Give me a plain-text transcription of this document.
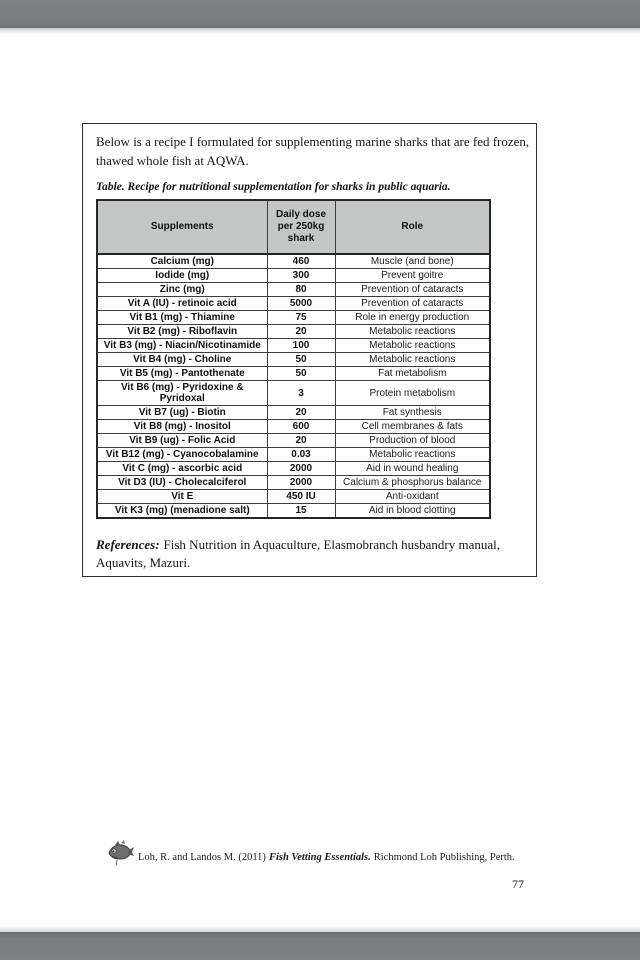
Below is a recipe I formulated for supplementing marine sharks that are fed frozen, thawed whole fish at AQWA.

Table. Recipe for nutritional supplementation for sharks in public aquaria.

Supplements	Daily dose per 250kg shark	Role
Calcium (mg)	460	Muscle (and bone)
Iodide (mg)	300	Prevent goitre
Zinc (mg)	80	Prevention of cataracts
Vit A (IU) - retinoic acid	5000	Prevention of cataracts
Vit B1 (mg) - Thiamine	75	Role in energy production
Vit B2 (mg) - Riboflavin	20	Metabolic reactions
Vit B3 (mg) - Niacin/Nicotinamide	100	Metabolic reactions
Vit B4 (mg) - Choline	50	Metabolic reactions
Vit B5 (mg) - Pantothenate	50	Fat metabolism
Vit B6 (mg) - Pyridoxine & Pyridoxal	3	Protein metabolism
Vit B7 (ug) - Biotin	20	Fat synthesis
Vit B8 (mg) - Inositol	600	Cell membranes & fats
Vit B9 (ug) - Folic Acid	20	Production of blood
Vit B12 (mg) - Cyanocobalamine	0.03	Metabolic reactions
Vit C (mg) - ascorbic acid	2000	Aid in wound healing
Vit D3 (IU) - Cholecalciferol	2000	Calcium & phosphorus balance
Vit E	450 IU	Anti-oxidant
Vit K3 (mg) (menadione salt)	15	Aid in blood clotting

References: Fish Nutrition in Aquaculture, Elasmobranch husbandry manual, Aquavits, Mazuri.

Loh, R. and Landos M. (2011) Fish Vetting Essentials. Richmond Loh Publishing, Perth.
77
